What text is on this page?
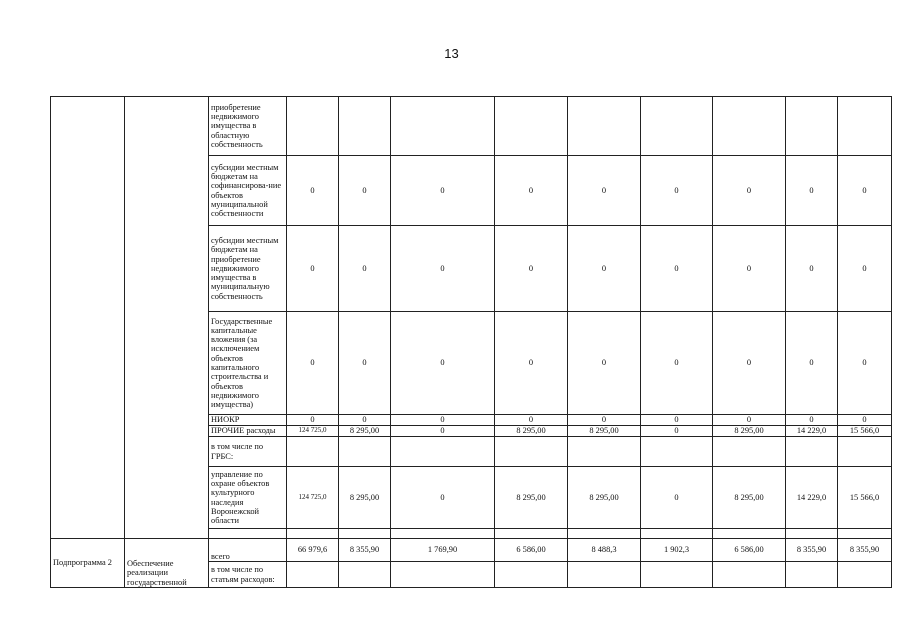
13
		приобретение недвижимого имущества в областную собственность									
		субсидии местным бюджетам на софинансирова-ние объектов муниципальной собственности	0	0	0	0	0	0	0	0	0
		субсидии местным бюджетам на приобретение недвижимого имущества в муниципальную собственность	0	0	0	0	0	0	0	0	0
		Государственные капитальные вложения (за исключением объектов капитального строительства и объектов недвижимого имущества)	0	0	0	0	0	0	0	0	0
		НИОКР	0	0	0	0	0	0	0	0	0
		ПРОЧИЕ расходы	124 725,0	8 295,00	0	8 295,00	8 295,00	0	8 295,00	14 229,0	15 566,0
		в том числе по ГРБС:									
		управление по охране объектов культурного наследия Воронежской области	124 725,0	8 295,00	0	8 295,00	8 295,00	0	8 295,00	14 229,0	15 566,0

Подпрограмма 2	Обеспечение реализации государственной	всего	66 979,6	8 355,90	1 769,90	6 586,00	8 488,3	1 902,3	6 586,00	8 355,90	8 355,90
		в том числе по статьям расходов:									
